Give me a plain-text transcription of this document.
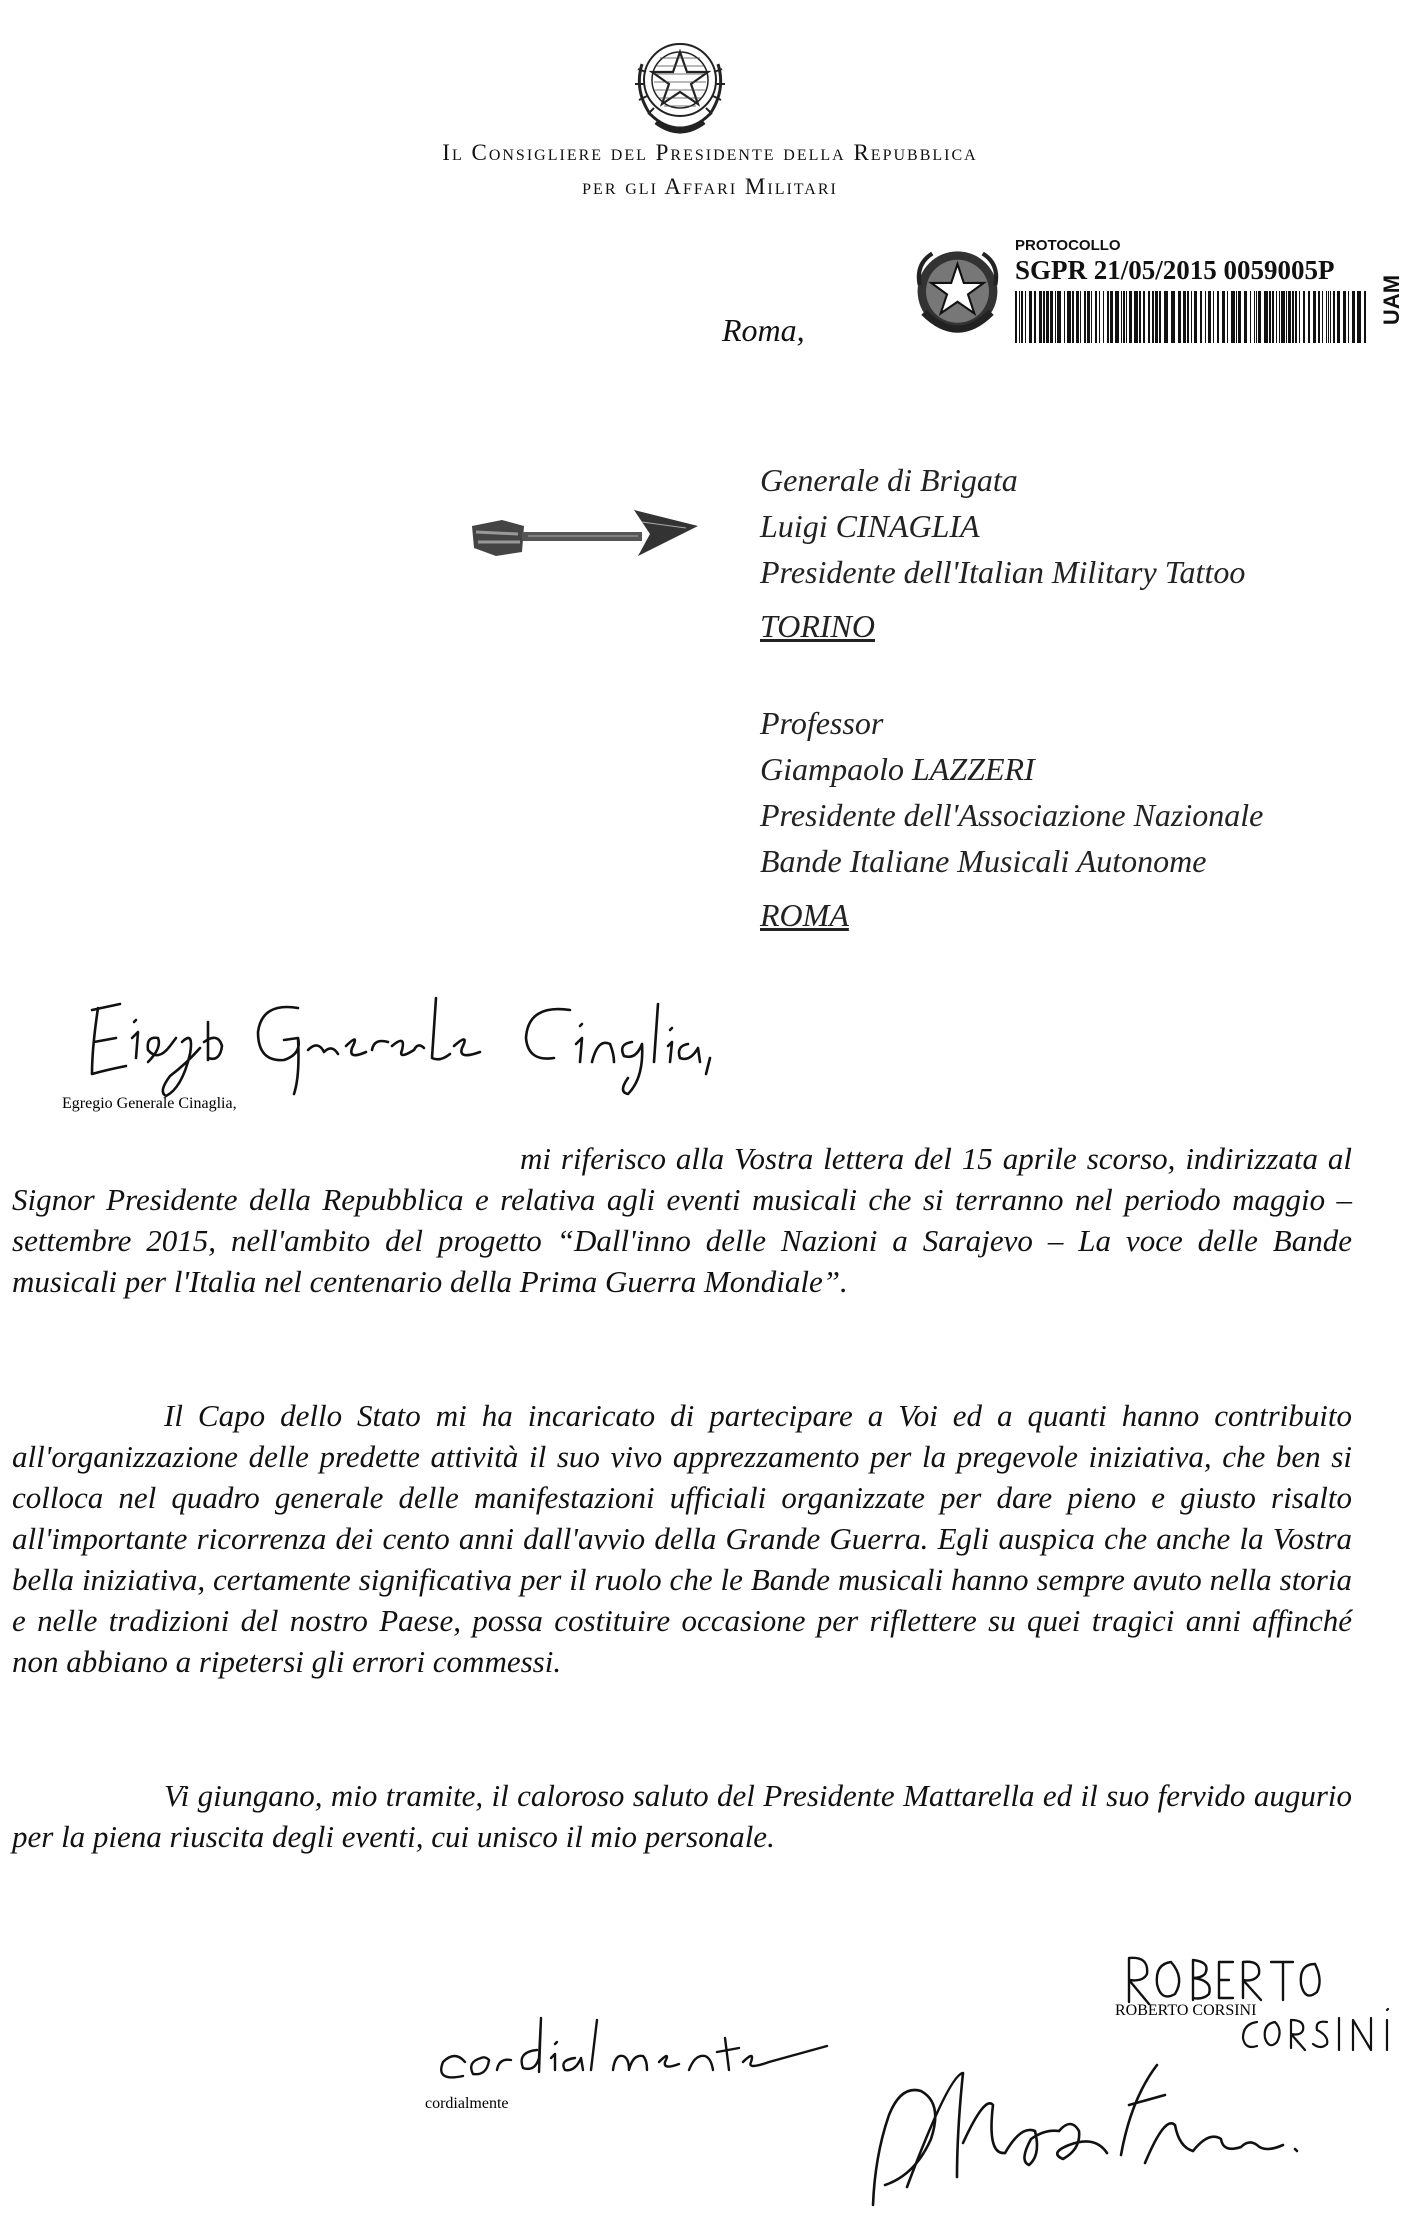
Il Consigliere del Presidente della Repubblica
per gli Affari Militari
PROTOCOLLO
SGPR 21/05/2015 0059005P
UAM
Roma,
Generale di Brigata
Luigi CINAGLIA
Presidente dell'Italian Military Tattoo
TORINO
Professor
Giampaolo LAZZERI
Presidente dell'Associazione Nazionale
Bande Italiane Musicali Autonome
ROMA
Egregio Generale Cinaglia,
mi riferisco alla Vostra lettera del 15 aprile scorso, indirizzata al Signor Presidente della Repubblica e relativa agli eventi musicali che si terranno nel periodo maggio – settembre 2015, nell'ambito del progetto “Dall'inno delle Nazioni a Sarajevo – La voce delle Bande musicali per l'Italia nel centenario della Prima Guerra Mondiale”.
Il Capo dello Stato mi ha incaricato di partecipare a Voi ed a quanti hanno contribuito all'organizzazione delle predette attività il suo vivo apprezzamento per la pregevole iniziativa, che ben si colloca nel quadro generale delle manifestazioni ufficiali organizzate per dare pieno e giusto risalto all'importante ricorrenza dei cento anni dall'avvio della Grande Guerra. Egli auspica che anche la Vostra bella iniziativa, certamente significativa per il ruolo che le Bande musicali hanno sempre avuto nella storia e nelle tradizioni del nostro Paese, possa costituire occasione per riflettere su quei tragici anni affinché non abbiano a ripetersi gli errori commessi.
Vi giungano, mio tramite, il caloroso saluto del Presidente Mattarella ed il suo fervido augurio per la piena riuscita degli eventi, cui unisco il mio personale.
cordialmente
ROBERTO CORSINI
